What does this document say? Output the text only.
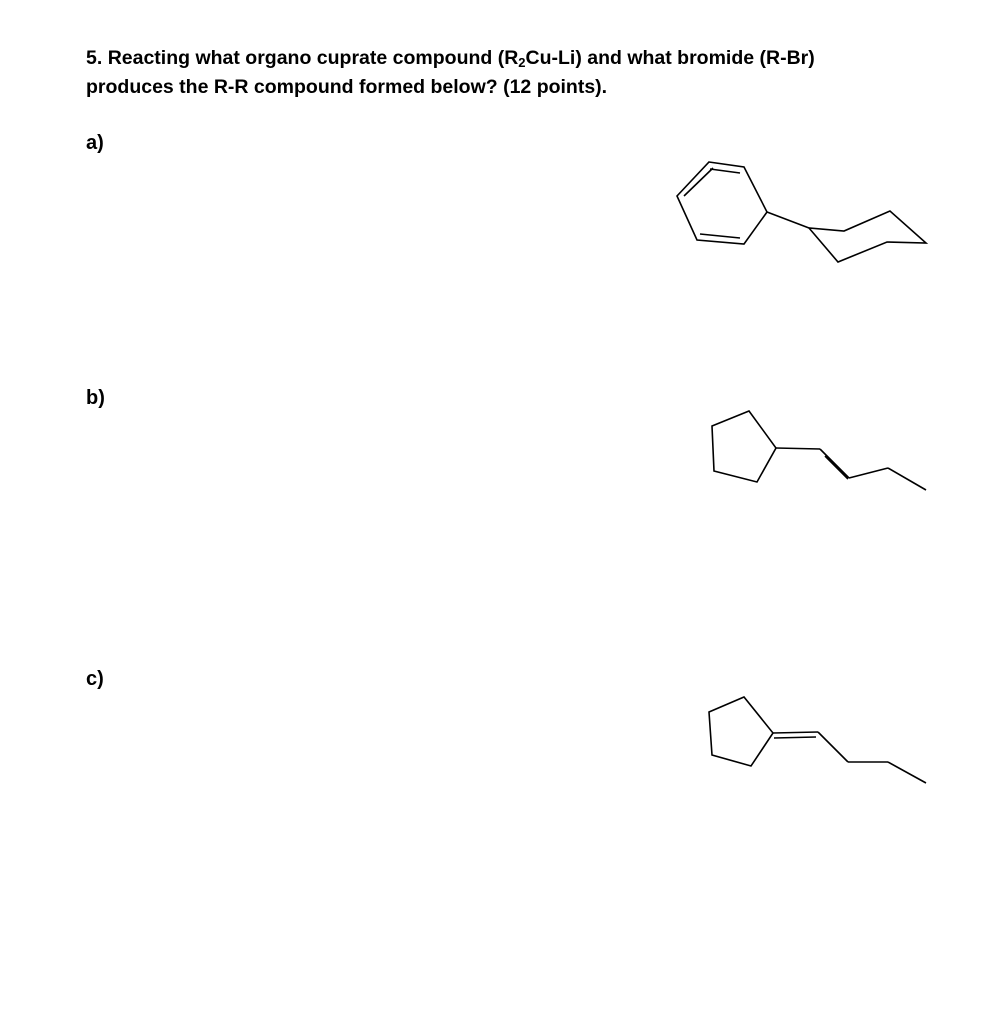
5. Reacting what organo cuprate compound $(R_2Cu-Li)$ and what bromide (R-Br)
produces the R-R compound formed below? (12 points).

a)

b)

c)
